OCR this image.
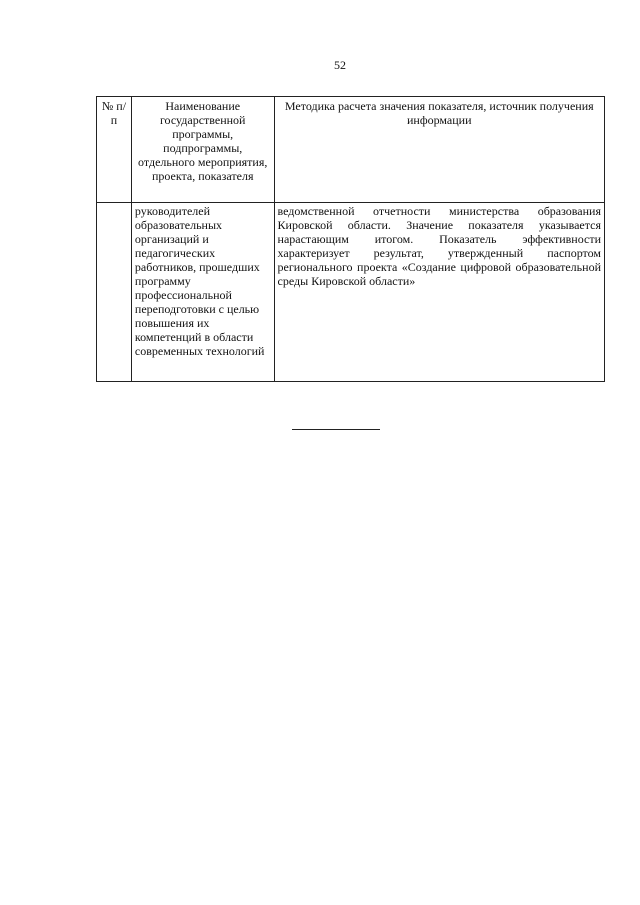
52
№ п/п	Наименование государственной программы, подпрограммы, отдельного мероприятия, проекта, показателя	Методика расчета значения показателя, источник получения информации
	руководителей образовательных организаций и педагогических работников, прошедших программу профессиональной переподготовки с целью повышения их компетенций в области современных технологий	ведомственной отчетности министерства образования Кировской области. Значение показателя указывается нарастающим итогом. Показатель эффективности характеризует результат, утвержденный паспортом регионального проекта «Создание цифровой образовательной среды Кировской области»
